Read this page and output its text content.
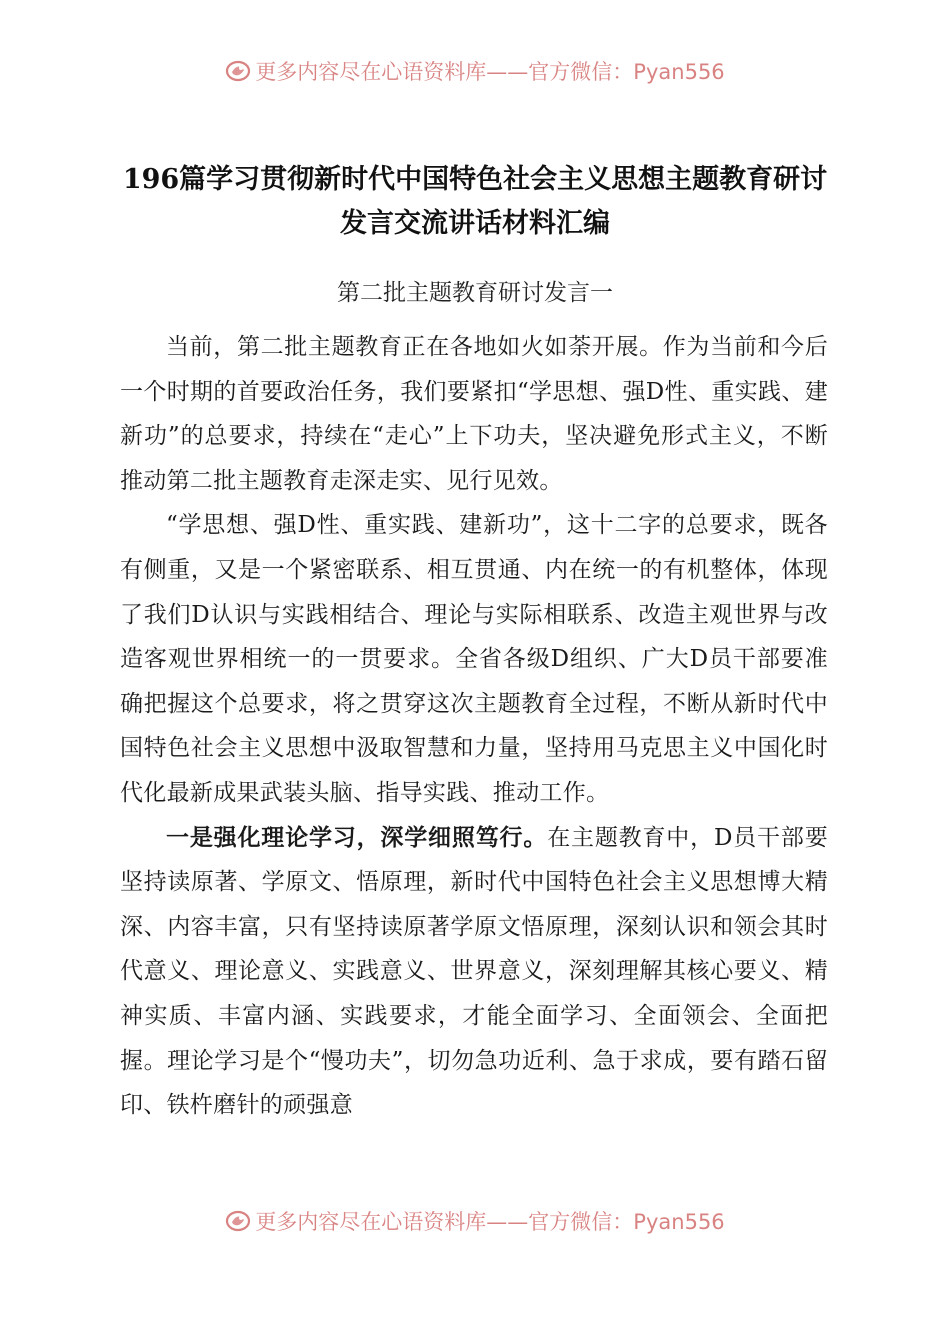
更多内容尽在心语资料库——官方微信：Pyan556
196篇学习贯彻新时代中国特色社会主义思想主题教育研讨发言交流讲话材料汇编
第二批主题教育研讨发言一

当前，第二批主题教育正在各地如火如荼开展。作为当前和今后一个时期的首要政治任务，我们要紧扣“学思想、强D性、重实践、建新功”的总要求，持续在“走心”上下功夫，坚决避免形式主义，不断推动第二批主题教育走深走实、见行见效。

“学思想、强D性、重实践、建新功”，这十二字的总要求，既各有侧重，又是一个紧密联系、相互贯通、内在统一的有机整体，体现了我们D认识与实践相结合、理论与实际相联系、改造主观世界与改造客观世界相统一的一贯要求。全省各级D组织、广大D员干部要准确把握这个总要求，将之贯穿这次主题教育全过程，不断从新时代中国特色社会主义思想中汲取智慧和力量，坚持用马克思主义中国化时代化最新成果武装头脑、指导实践、推动工作。

一是强化理论学习，深学细照笃行。在主题教育中，D员干部要坚持读原著、学原文、悟原理，新时代中国特色社会主义思想博大精深、内容丰富，只有坚持读原著学原文悟原理，深刻认识和领会其时代意义、理论意义、实践意义、世界意义，深刻理解其核心要义、精神实质、丰富内涵、实践要求，才能全面学习、全面领会、全面把握。理论学习是个“慢功夫”，切勿急功近利、急于求成，要有踏石留印、铁杵磨针的顽强意

更多内容尽在心语资料库——官方微信：Pyan556
